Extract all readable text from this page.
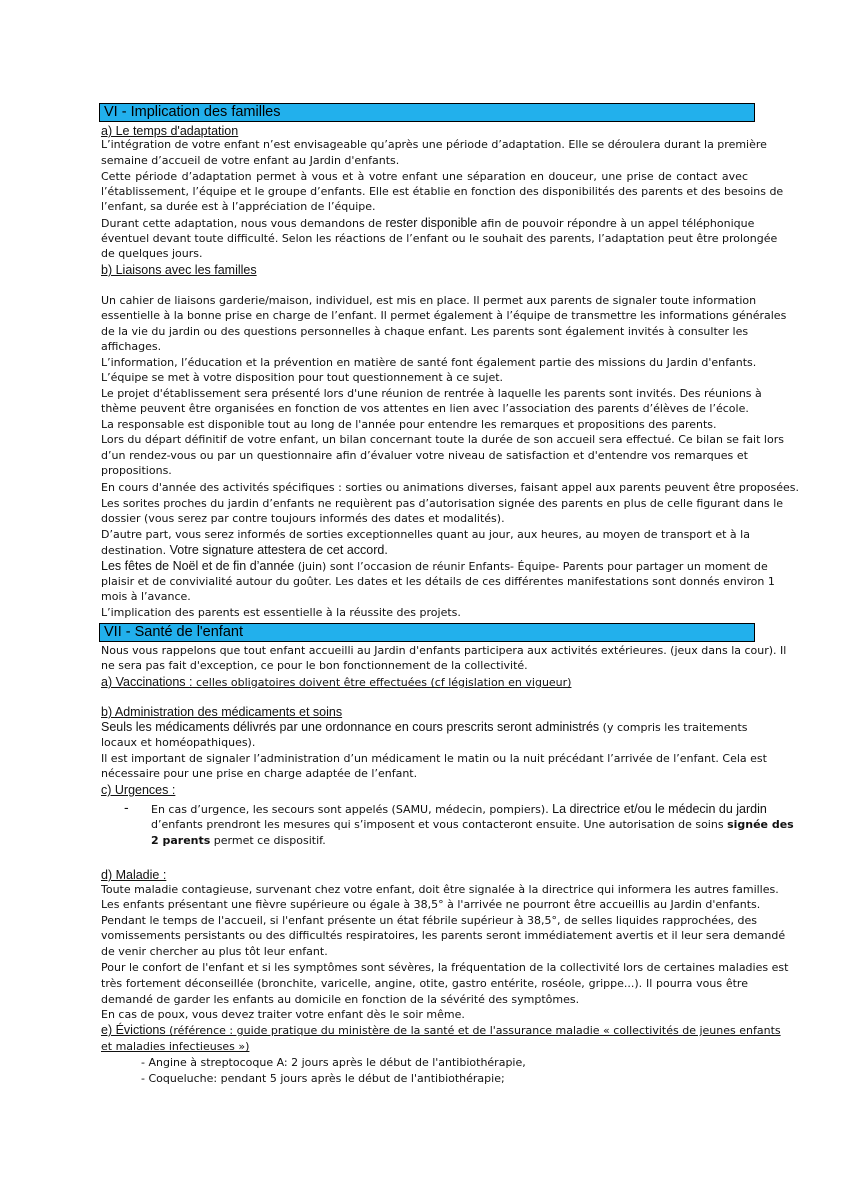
VI - Implication des familles
a) Le temps d'adaptation
L’intégration de votre enfant n’est envisageable qu’après une période d’adaptation. Elle se déroulera durant la première
semaine d’accueil de votre enfant au Jardin d'enfants.
Cette période d’adaptation permet à vous et à votre enfant une séparation en douceur, une prise de contact avec
l’établissement, l’équipe et le groupe d’enfants. Elle est établie en fonction des disponibilités des parents et des besoins de
l’enfant, sa durée est à l’appréciation de l’équipe.
Durant cette adaptation, nous vous demandons de rester disponible afin de pouvoir répondre à un appel téléphonique
éventuel devant toute difficulté. Selon les réactions de l’enfant ou le souhait des parents, l’adaptation peut être prolongée
de quelques jours.
b) Liaisons avec les familles
Un cahier de liaisons garderie/maison, individuel, est mis en place. Il permet aux parents de signaler toute information
essentielle à la bonne prise en charge de l’enfant. Il permet également à l’équipe de transmettre les informations générales
de la vie du jardin ou des questions personnelles à chaque enfant. Les parents sont également invités à consulter les
affichages.
L’information, l’éducation et la prévention en matière de santé font également partie des missions du Jardin d'enfants.
L’équipe se met à votre disposition pour tout questionnement à ce sujet.
Le projet d'établissement sera présenté lors d'une réunion de rentrée à laquelle les parents sont invités. Des réunions à
thème peuvent être organisées en fonction de vos attentes en lien avec l’association des parents d’élèves de l’école.
La responsable est disponible tout au long de l'année pour entendre les remarques et propositions des parents.
Lors du départ définitif de votre enfant, un bilan concernant toute la durée de son accueil sera effectué. Ce bilan se fait lors
d’un rendez-vous ou par un questionnaire afin d’évaluer votre niveau de satisfaction et d'entendre vos remarques et
propositions.
En cours d'année des activités spécifiques : sorties ou animations diverses, faisant appel aux parents peuvent être proposées.
Les sorites proches du jardin d’enfants ne requièrent pas d’autorisation signée des parents en plus de celle figurant dans le
dossier (vous serez par contre toujours informés des dates et modalités).
D’autre part, vous serez informés de sorties exceptionnelles quant au jour, aux heures, au moyen de transport et à la
destination. Votre signature attestera de cet accord.
Les fêtes de Noël et de fin d’année (juin) sont l’occasion de réunir Enfants- Équipe- Parents pour partager un moment de
plaisir et de convivialité autour du goûter. Les dates et les détails de ces différentes manifestations sont donnés environ 1
mois à l’avance.
L’implication des parents est essentielle à la réussite des projets.
VII - Santé de l'enfant
Nous vous rappelons que tout enfant accueilli au Jardin d'enfants participera aux activités extérieures. (jeux dans la cour). Il
ne sera pas fait d'exception, ce pour le bon fonctionnement de la collectivité.
a) Vaccinations : celles obligatoires doivent être effectuées (cf législation en vigueur)
b) Administration des médicaments et soins
Seuls les médicaments délivrés par une ordonnance en cours prescrits seront administrés (y compris les traitements
locaux et homéopathiques).
Il est important de signaler l’administration d’un médicament le matin ou la nuit précédant l’arrivée de l’enfant. Cela est
nécessaire pour une prise en charge adaptée de l’enfant.
c) Urgences :
- En cas d’urgence, les secours sont appelés (SAMU, médecin, pompiers). La directrice et/ou le médecin du jardin
d’enfants prendront les mesures qui s’imposent et vous contacteront ensuite. Une autorisation de soins signée des
2 parents permet ce dispositif.
d) Maladie :
Toute maladie contagieuse, survenant chez votre enfant, doit être signalée à la directrice qui informera les autres familles.
Les enfants présentant une fièvre supérieure ou égale à 38,5° à l'arrivée ne pourront être accueillis au Jardin d'enfants.
Pendant le temps de l'accueil, si l'enfant présente un état fébrile supérieur à 38,5°, de selles liquides rapprochées, des
vomissements persistants ou des difficultés respiratoires, les parents seront immédiatement avertis et il leur sera demandé
de venir chercher au plus tôt leur enfant.
Pour le confort de l'enfant et si les symptômes sont sévères, la fréquentation de la collectivité lors de certaines maladies est
très fortement déconseillée (bronchite, varicelle, angine, otite, gastro entérite, roséole, grippe...). Il pourra vous être
demandé de garder les enfants au domicile en fonction de la sévérité des symptômes.
En cas de poux, vous devez traiter votre enfant dès le soir même.
e) Évictions (référence : guide pratique du ministère de la santé et de l'assurance maladie « collectivités de jeunes enfants
et maladies infectieuses »)
- Angine à streptocoque A: 2 jours après le début de l'antibiothérapie,
- Coqueluche: pendant 5 jours après le début de l'antibiothérapie;
